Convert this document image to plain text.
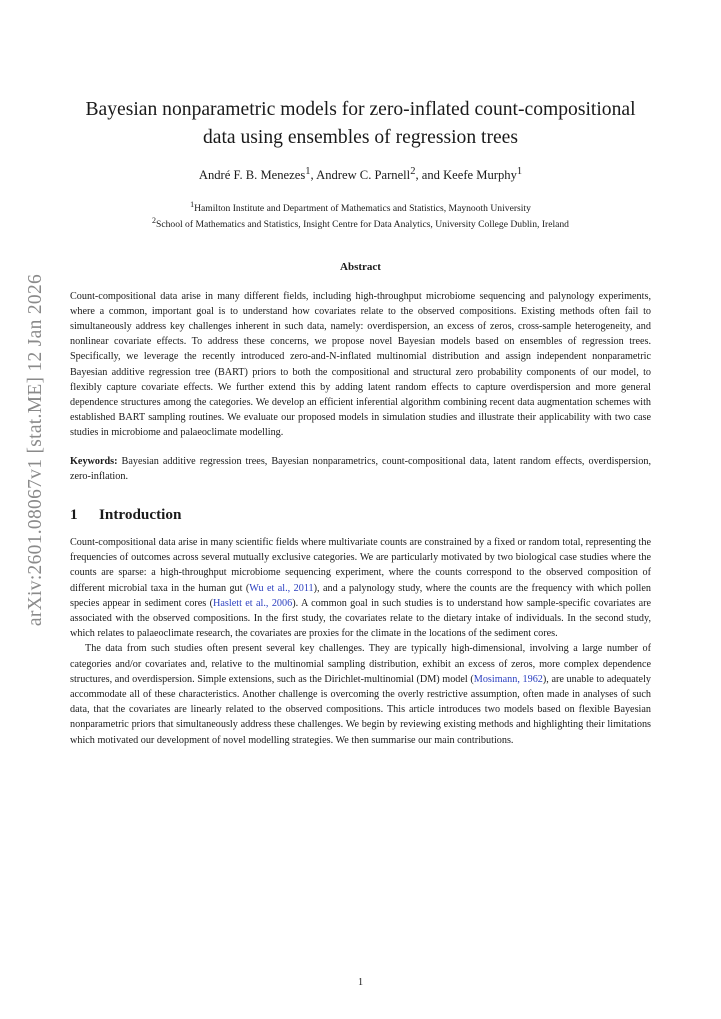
arXiv:2601.08067v1 [stat.ME] 12 Jan 2026
Bayesian nonparametric models for zero-inflated count-compositional
data using ensembles of regression trees
André F. B. Menezes$^1$, Andrew C. Parnell$^2$, and Keefe Murphy$^1$
$^1$Hamilton Institute and Department of Mathematics and Statistics, Maynooth University
$^2$School of Mathematics and Statistics, Insight Centre for Data Analytics, University College Dublin, Ireland
Abstract

Count-compositional data arise in many different fields, including high-throughput microbiome sequencing and palynology experiments, where a common, important goal is to understand how covariates relate to the observed compositions. Existing methods often fail to simultaneously address key challenges inherent in such data, namely: overdispersion, an excess of zeros, cross-sample heterogeneity, and nonlinear covariate effects. To address these concerns, we propose novel Bayesian models based on ensembles of regression trees. Specifically, we leverage the recently introduced zero-and-N-inflated multinomial distribution and assign independent nonparametric Bayesian additive regression tree (BART) priors to both the compositional and structural zero probability components of our model, to flexibly capture covariate effects. We further extend this by adding latent random effects to capture overdispersion and more general dependence structures among the categories. We develop an efficient inferential algorithm combining recent data augmentation schemes with established BART sampling routines. We evaluate our proposed models in simulation studies and illustrate their applicability with two case studies in microbiome and palaeoclimate modelling.

Keywords: Bayesian additive regression trees, Bayesian nonparametrics, count-compositional data, latent random effects, overdispersion, zero-inflation.

1 Introduction

Count-compositional data arise in many scientific fields where multivariate counts are constrained by a fixed or random total, representing the frequencies of outcomes across several mutually exclusive categories. We are particularly motivated by two biological case studies where the counts are sparse: a high-throughput microbiome sequencing experiment, where the counts correspond to the observed composition of different microbial taxa in the human gut (Wu et al., 2011), and a palynology study, where the counts are the frequency with which pollen species appear in sediment cores (Haslett et al., 2006). A common goal in such studies is to understand how sample-specific covariates are associated with the observed compositions. In the first study, the covariates relate to the dietary intake of individuals. In the second study, which relates to palaeoclimate research, the covariates are proxies for the climate in the locations of the sediment cores.

The data from such studies often present several key challenges. They are typically high-dimensional, involving a large number of categories and/or covariates and, relative to the multinomial sampling distribution, exhibit an excess of zeros, more complex dependence structures, and overdispersion. Simple extensions, such as the Dirichlet-multinomial (DM) model (Mosimann, 1962), are unable to adequately accommodate all of these characteristics. Another challenge is overcoming the overly restrictive assumption, often made in analyses of such data, that the covariates are linearly related to the observed compositions. This article introduces two models based on flexible Bayesian nonparametric priors that simultaneously address these challenges. We begin by reviewing existing methods and highlighting their limitations which motivated our development of novel modelling strategies. We then summarise our main contributions.

1
